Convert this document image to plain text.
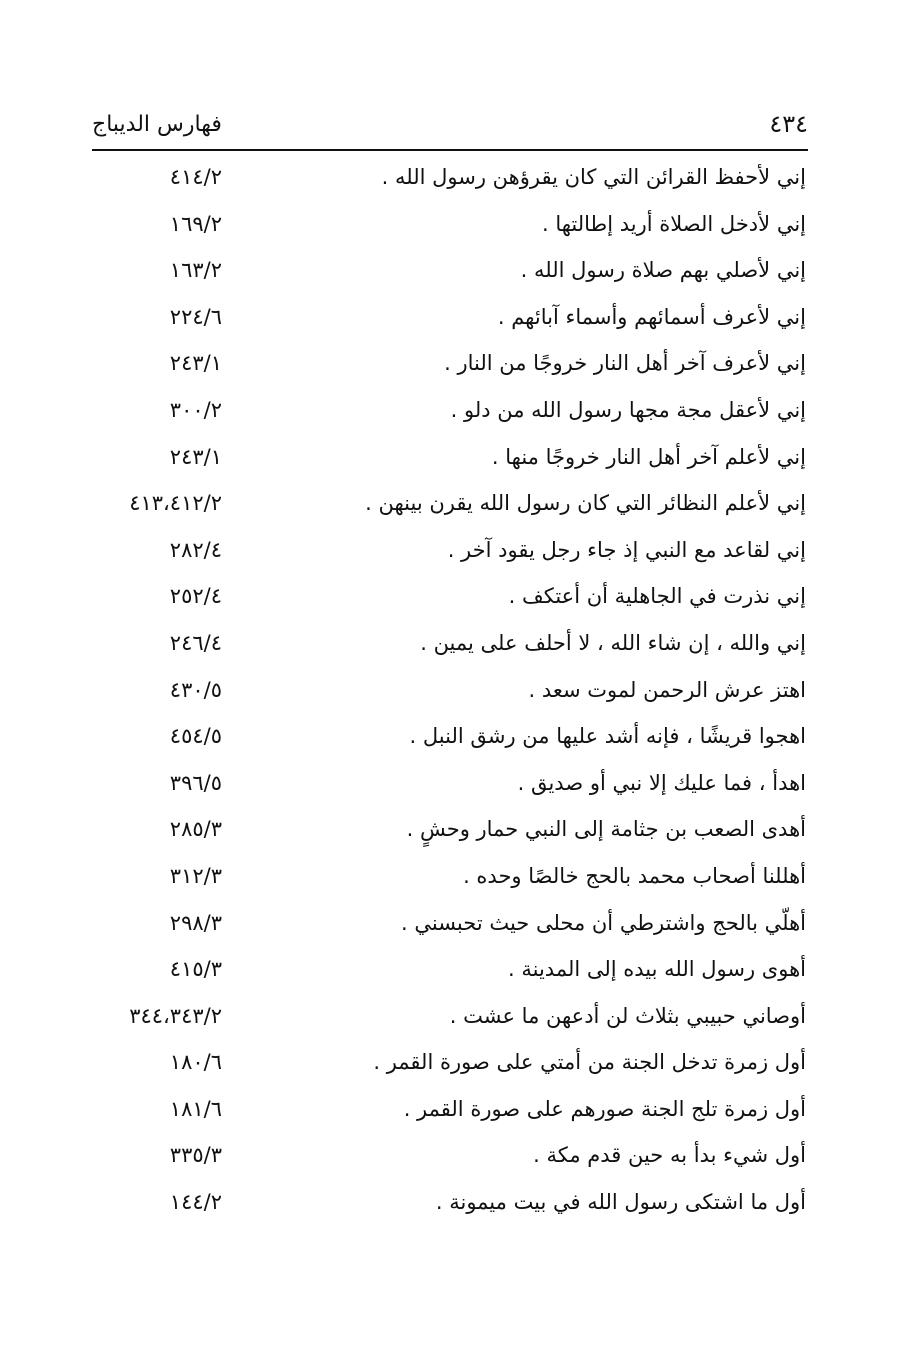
فهارس الديباج	٤٣٤
إني لأحفظ القرائن التي كان يقرؤهن رسول الله .
٤١٤/٢
إني لأدخل الصلاة أريد إطالتها .
١٦٩/٢
إني لأصلي بهم صلاة رسول الله .
١٦٣/٢
إني لأعرف أسمائهم وأسماء آبائهم .
٢٢٤/٦
إني لأعرف آخر أهل النار خروجًا من النار .
٢٤٣/١
إني لأعقل مجة مجها رسول الله من دلو .
٣٠٠/٢
إني لأعلم آخر أهل النار خروجًا منها .
٢٤٣/١
إني لأعلم النظائر التي كان رسول الله يقرن بينهن .
٤١٣،٤١٢/٢
إني لقاعد مع النبي إذ جاء رجل يقود آخر .
٢٨٢/٤
إني نذرت في الجاهلية أن أعتكف .
٢٥٢/٤
إني والله ، إن شاء الله ، لا أحلف على يمين .
٢٤٦/٤
اهتز عرش الرحمن لموت سعد .
٤٣٠/٥
اهجوا قريشًا ، فإنه أشد عليها من رشق النبل .
٤٥٤/٥
اهدأ ، فما عليك إلا نبي أو صديق .
٣٩٦/٥
أهدى الصعب بن جثامة إلى النبي حمار وحشٍ .
٢٨٥/٣
أهللنا أصحاب محمد بالحج خالصًا وحده .
٣١٢/٣
أهلّي بالحج واشترطي أن محلى حيث تحبسني .
٢٩٨/٣
أهوى رسول الله بيده إلى المدينة .
٤١٥/٣
أوصاني حبيبي بثلاث لن أدعهن ما عشت .
٣٤٤،٣٤٣/٢
أول زمرة تدخل الجنة من أمتي على صورة القمر .
١٨٠/٦
أول زمرة تلج الجنة صورهم على صورة القمر .
١٨١/٦
أول شيء بدأ به حين قدم مكة .
٣٣٥/٣
أول ما اشتكى رسول الله في بيت ميمونة .
١٤٤/٢
